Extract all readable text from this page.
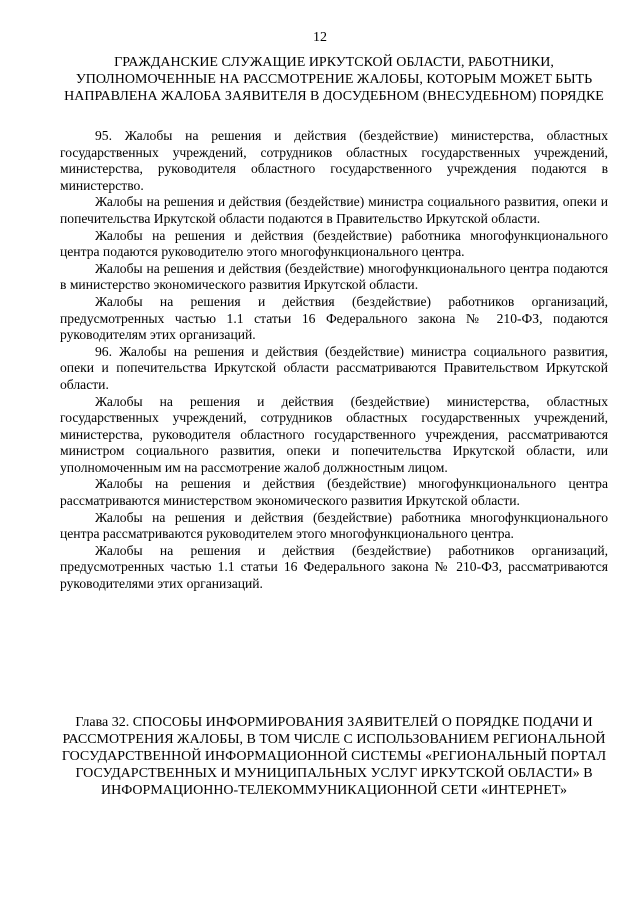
12
ГРАЖДАНСКИЕ СЛУЖАЩИЕ ИРКУТСКОЙ ОБЛАСТИ, РАБОТНИКИ, УПОЛНОМОЧЕННЫЕ НА РАССМОТРЕНИЕ ЖАЛОБЫ, КОТОРЫМ МОЖЕТ БЫТЬ НАПРАВЛЕНА ЖАЛОБА ЗАЯВИТЕЛЯ В ДОСУДЕБНОМ (ВНЕСУДЕБНОМ) ПОРЯДКЕ

95. Жалобы на решения и действия (бездействие) министерства, областных государственных учреждений, сотрудников областных государственных учреждений, министерства, руководителя областного государственного учреждения подаются в министерство.

Жалобы на решения и действия (бездействие) министра социального развития, опеки и попечительства Иркутской области подаются в Правительство Иркутской области.

Жалобы на решения и действия (бездействие) работника многофункционального центра подаются руководителю этого многофункционального центра.

Жалобы на решения и действия (бездействие) многофункционального центра подаются в министерство экономического развития Иркутской области.

Жалобы на решения и действия (бездействие) работников организаций, предусмотренных частью 1.1 статьи 16 Федерального закона № 210-ФЗ, подаются руководителям этих организаций.

96. Жалобы на решения и действия (бездействие) министра социального развития, опеки и попечительства Иркутской области рассматриваются Правительством Иркутской области.

Жалобы на решения и действия (бездействие) министерства, областных государственных учреждений, сотрудников областных государственных учреждений, министерства, руководителя областного государственного учреждения, рассматриваются министром социального развития, опеки и попечительства Иркутской области, или уполномоченным им на рассмотрение жалоб должностным лицом.

Жалобы на решения и действия (бездействие) многофункционального центра рассматриваются министерством экономического развития Иркутской области.

Жалобы на решения и действия (бездействие) работника многофункционального центра рассматриваются руководителем этого многофункционального центра.

Жалобы на решения и действия (бездействие) работников организаций, предусмотренных частью 1.1 статьи 16 Федерального закона № 210-ФЗ, рассматриваются руководителями этих организаций.

Глава 32. СПОСОБЫ ИНФОРМИРОВАНИЯ ЗАЯВИТЕЛЕЙ О ПОРЯДКЕ ПОДАЧИ И РАССМОТРЕНИЯ ЖАЛОБЫ, В ТОМ ЧИСЛЕ С ИСПОЛЬЗОВАНИЕМ РЕГИОНАЛЬНОЙ ГОСУДАРСТВЕННОЙ ИНФОРМАЦИОННОЙ СИСТЕМЫ «РЕГИОНАЛЬНЫЙ ПОРТАЛ ГОСУДАРСТВЕННЫХ И МУНИЦИПАЛЬНЫХ УСЛУГ ИРКУТСКОЙ ОБЛАСТИ» В ИНФОРМАЦИОННО-ТЕЛЕКОММУНИКАЦИОННОЙ СЕТИ «ИНТЕРНЕТ»
